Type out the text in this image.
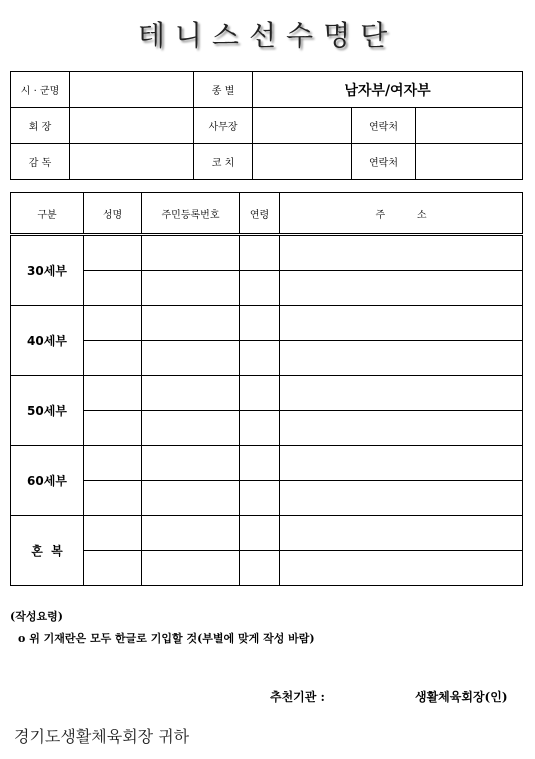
테니스선수명단
시 · 군명		종 별	남자부/여자부		
회 장		사무장		연락처	
감 독		코 치		연락처	
구분	성명	주민등록번호	연령	주          소
30세부				

40세부				

50세부				

60세부				

혼  복				

(작성요령)
o 위 기재란은 모두 한글로 기입할 것(부별에 맞게 작성 바람)
추천기관 :	생활체육회장(인)
경기도생활체육회장 귀하
